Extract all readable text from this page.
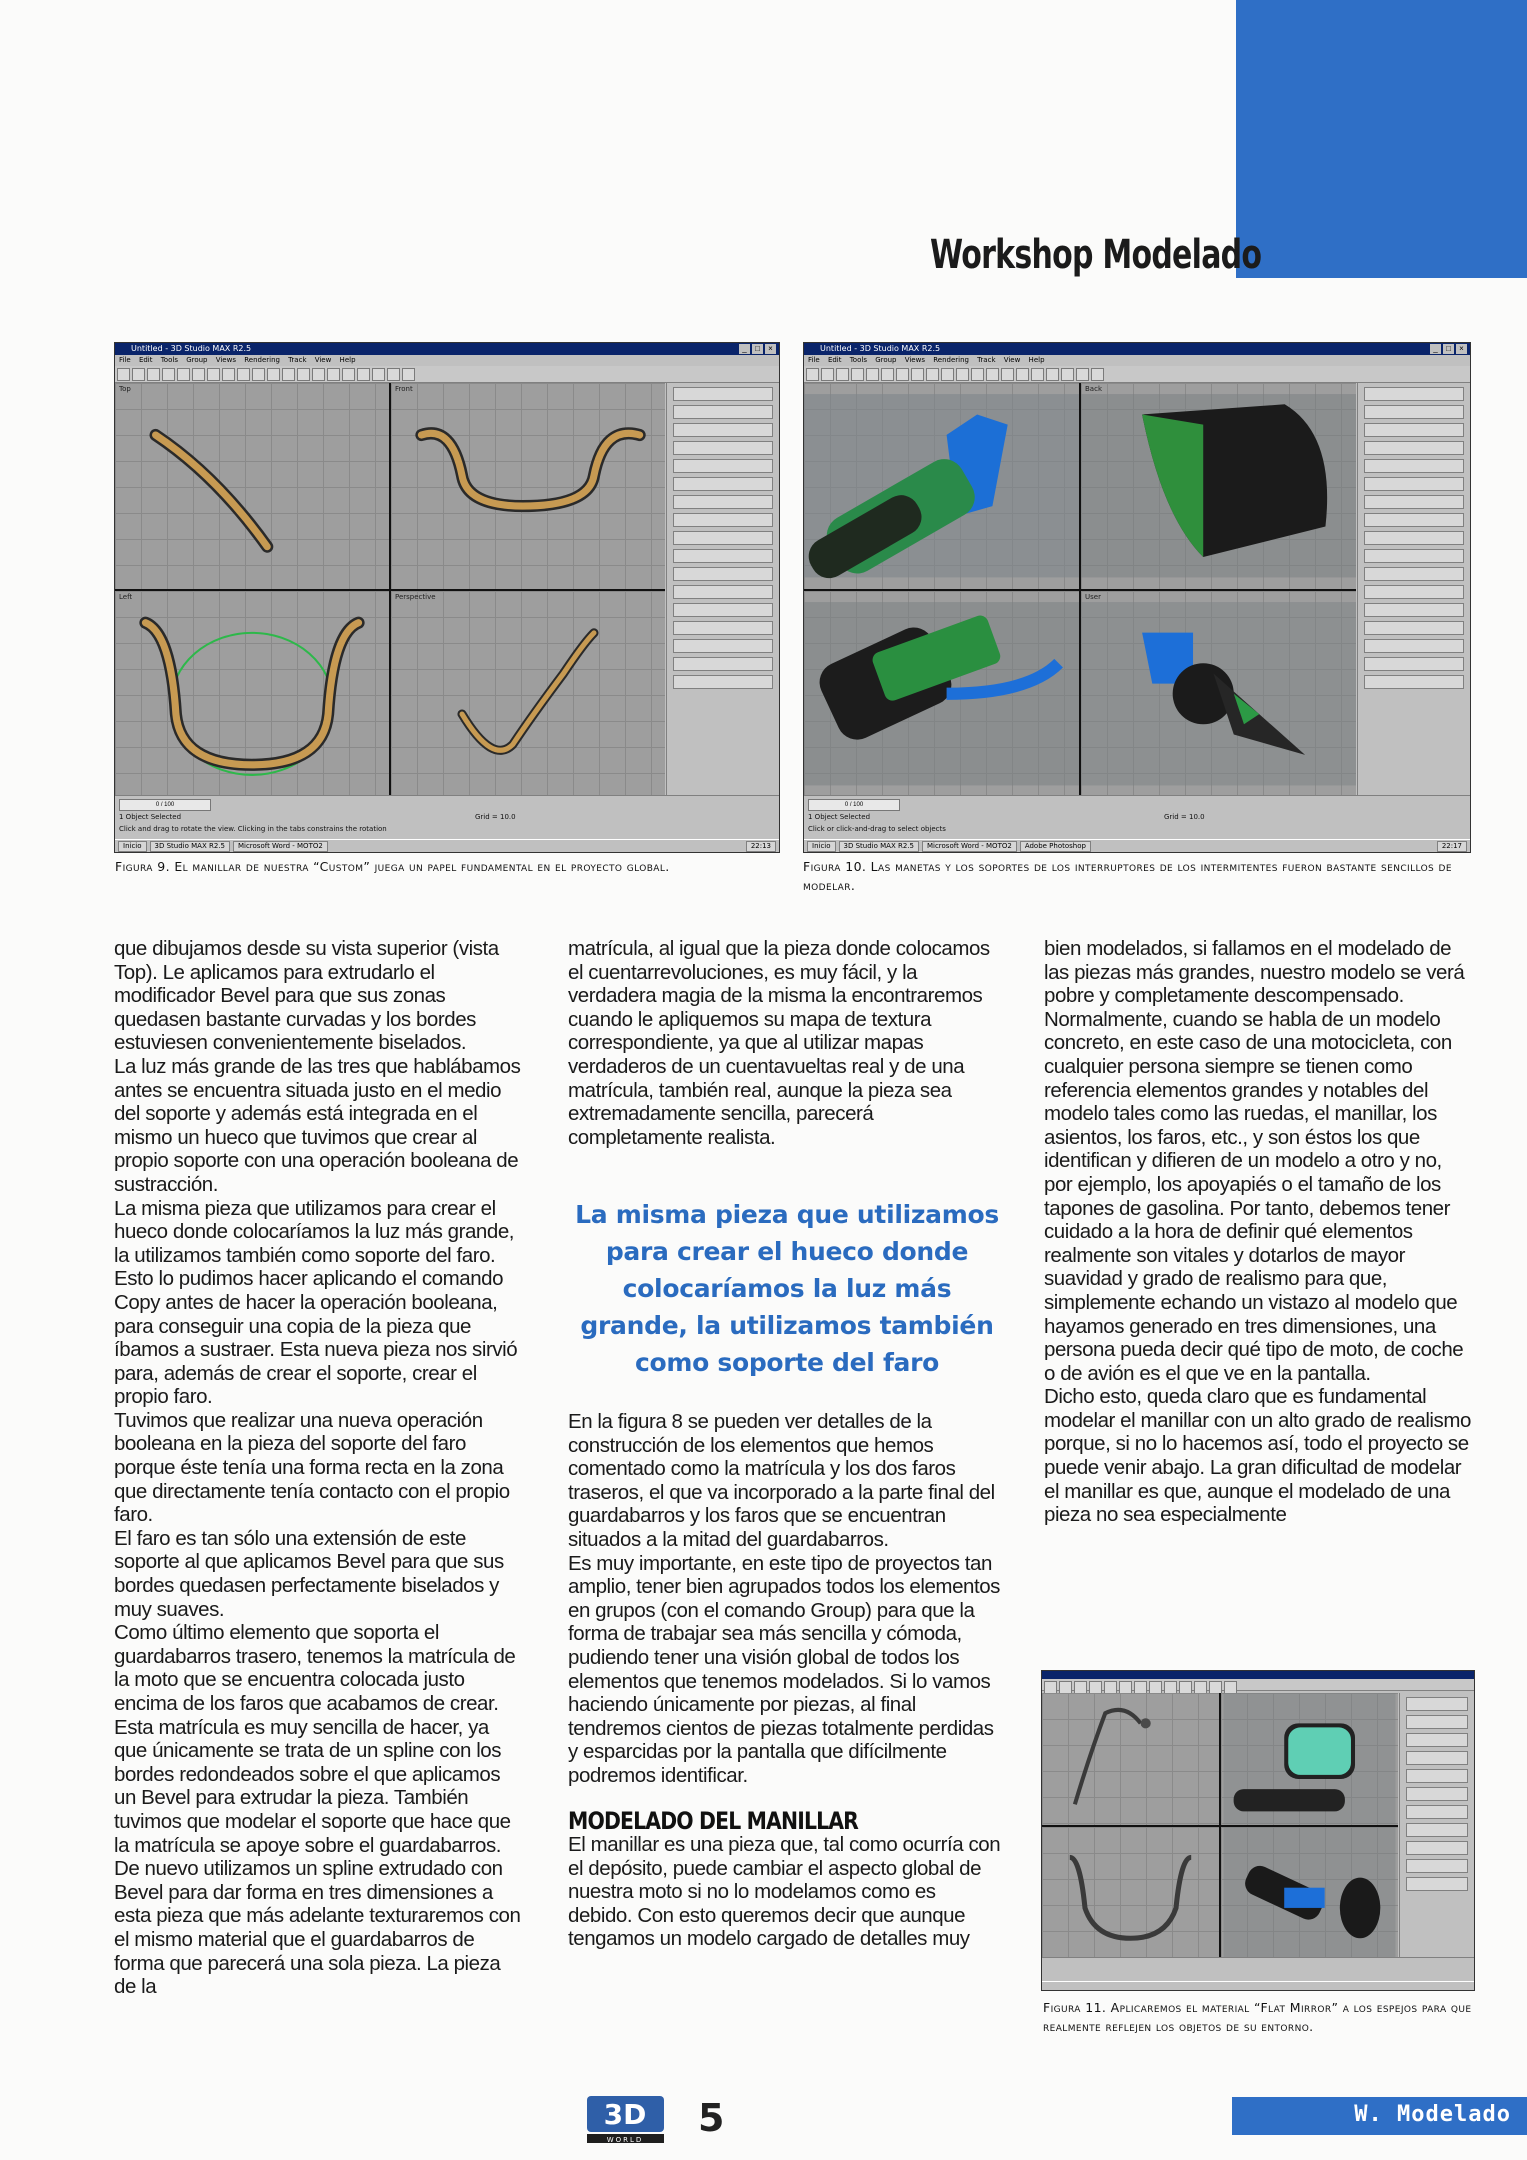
Workshop Modelado
Untitled - 3D Studio MAX R2.5	_	□	×
File Edit Tools Group Views Rendering Track View Help
Top	Front
Left	Perspective
0 / 100
1 Object Selected
Click and drag to rotate the view. Clicking in the tabs constrains the rotation
Grid = 10.0
Inicio 3D Studio MAX R2.5 Microsoft Word - MOTO2	22:13
Figura 9. El manillar de nuestra “Custom” juega un papel fundamental en el proyecto global.
Untitled - 3D Studio MAX R2.5	_	□	×
File Edit Tools Group Views Rendering Track View Help
Back
User
0 / 100
1 Object Selected
Click or click-and-drag to select objects
Grid = 10.0
Inicio 3D Studio MAX R2.5 Microsoft Word - MOTO2 Adobe Photoshop	22:17
Figura 10. Las manetas y los soportes de los interruptores de los intermitentes fueron bastante sencillos de modelar.

que dibujamos desde su vista superior (vista Top). Le aplicamos para extrudarlo el modificador Bevel para que sus zonas quedasen bastante curvadas y los bordes estuviesen convenientemente biselados.

La luz más grande de las tres que hablábamos antes se encuentra situada justo en el medio del soporte y además está integrada en el mismo un hueco que tuvimos que crear al propio soporte con una operación booleana de sustracción.

La misma pieza que utilizamos para crear el hueco donde colocaríamos la luz más grande, la utilizamos también como soporte del faro. Esto lo pudimos hacer aplicando el comando Copy antes de hacer la operación booleana, para conseguir una copia de la pieza que íbamos a sustraer. Esta nueva pieza nos sirvió para, además de crear el soporte, crear el propio faro.

Tuvimos que realizar una nueva operación booleana en la pieza del soporte del faro porque éste tenía una forma recta en la zona que directamente tenía contacto con el propio faro.

El faro es tan sólo una extensión de este soporte al que aplicamos Bevel para que sus bordes quedasen perfectamente biselados y muy suaves.

Como último elemento que soporta el guardabarros trasero, tenemos la matrícula de la moto que se encuentra colocada justo encima de los faros que acabamos de crear.

Esta matrícula es muy sencilla de hacer, ya que únicamente se trata de un spline con los bordes redondeados sobre el que aplicamos un Bevel para extrudar la pieza. También tuvimos que modelar el soporte que hace que la matrícula se apoye sobre el guardabarros. De nuevo utilizamos un spline extrudado con Bevel para dar forma en tres dimensiones a esta pieza que más adelante texturaremos con el mismo material que el guardabarros de forma que parecerá una sola pieza. La pieza de la

matrícula, al igual que la pieza donde colocamos el cuentarrevoluciones, es muy fácil, y la verdadera magia de la misma la encontraremos cuando le apliquemos su mapa de textura correspondiente, ya que al utilizar mapas verdaderos de un cuentavueltas real y de una matrícula, también real, aunque la pieza sea extremadamente sencilla, parecerá completamente realista.

La misma pieza que utilizamos para crear el hueco donde colocaríamos la luz más grande, la utilizamos también como soporte del faro

En la figura 8 se pueden ver detalles de la construcción de los elementos que hemos comentado como la matrícula y los dos faros traseros, el que va incorporado a la parte final del guardabarros y los faros que se encuentran situados a la mitad del guardabarros.

Es muy importante, en este tipo de proyectos tan amplio, tener bien agrupados todos los elementos en grupos (con el comando Group) para que la forma de trabajar sea más sencilla y cómoda, pudiendo tener una visión global de todos los elementos que tenemos modelados. Si lo vamos haciendo únicamente por piezas, al final tendremos cientos de piezas totalmente perdidas y esparcidas por la pantalla que difícilmente podremos identificar.

MODELADO DEL MANILLAR

El manillar es una pieza que, tal como ocurría con el depósito, puede cambiar el aspecto global de nuestra moto si no lo modelamos como es debido. Con esto queremos decir que aunque tengamos un modelo cargado de detalles muy

bien modelados, si fallamos en el modelado de las piezas más grandes, nuestro modelo se verá pobre y completamente descompensado.

Normalmente, cuando se habla de un modelo concreto, en este caso de una motocicleta, con cualquier persona siempre se tienen como referencia elementos grandes y notables del modelo tales como las ruedas, el manillar, los asientos, los faros, etc., y son éstos los que identifican y difieren de un modelo a otro y no, por ejemplo, los apoyapiés o el tamaño de los tapones de gasolina. Por tanto, debemos tener cuidado a la hora de definir qué elementos realmente son vitales y dotarlos de mayor suavidad y grado de realismo para que, simplemente echando un vistazo al modelo que hayamos generado en tres dimensiones, una persona pueda decir qué tipo de moto, de coche o de avión es el que ve en la pantalla.

Dicho esto, queda claro que es fundamental modelar el manillar con un alto grado de realismo porque, si no lo hacemos así, todo el proyecto se puede venir abajo. La gran dificultad de modelar el manillar es que, aunque el modelado de una pieza no sea especialmente

Figura 11. Aplicaremos el material “Flat Mirror” a los espejos para que realmente reflejen los objetos de su entorno.
3D
WORLD 5	W. Modelado
